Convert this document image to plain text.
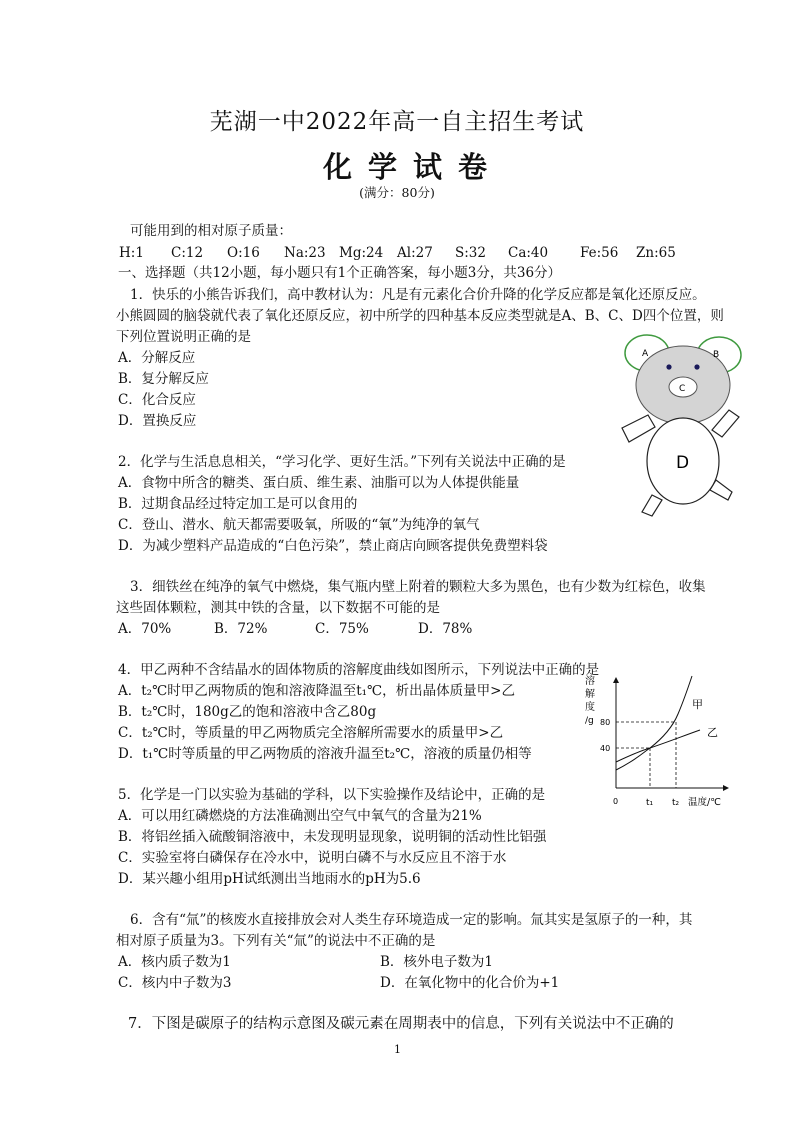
芜湖一中2022年高一自主招生考试
化学试卷
(满分：80分)
可能用到的相对原子质量：
H:1 C:12 O:16 Na:23 Mg:24 Al:27 S:32 Ca:40 Fe:56 Zn:65
一、选择题（共12小题，每小题只有1个正确答案，每小题3分，共36分）
1．快乐的小熊告诉我们，高中教材认为：凡是有元素化合价升降的化学反应都是氧化还原反应。
小熊圆圆的脑袋就代表了氧化还原反应，初中所学的四种基本反应类型就是A、B、C、D四个位置，则
下列位置说明正确的是
A．分解反应
B．复分解反应
C．化合反应
D．置换反应
A	B
C
D
2．化学与生活息息相关，“学习化学、更好生活。”下列有关说法中正确的是
A．食物中所含的糖类、蛋白质、维生素、油脂可以为人体提供能量
B．过期食品经过特定加工是可以食用的
C．登山、潜水、航天都需要吸氧，所吸的“氧”为纯净的氧气
D．为减少塑料产品造成的“白色污染”，禁止商店向顾客提供免费塑料袋
3．细铁丝在纯净的氧气中燃烧，集气瓶内壁上附着的颗粒大多为黑色，也有少数为红棕色，收集
这些固体颗粒，测其中铁的含量，以下数据不可能的是
A．70%	B．72%	C．75%	D．78%
4．甲乙两种不含结晶水的固体物质的溶解度曲线如图所示，下列说法中正确的是
A．t₂℃时甲乙两物质的饱和溶液降温至t₁℃，析出晶体质量甲>乙
B．t₂℃时，180g乙的饱和溶液中含乙80g
C．t₂℃时，等质量的甲乙两物质完全溶解所需要水的质量甲>乙
D．t₁℃时等质量的甲乙两物质的溶液升温至t₂℃，溶液的质量仍相等
溶
解
度
/g 80
40
0	t₁ t₂ 温度/℃
甲
乙
5．化学是一门以实验为基础的学科，以下实验操作及结论中，正确的是
A．可以用红磷燃烧的方法准确测出空气中氧气的含量为21%
B．将铝丝插入硫酸铜溶液中，未发现明显现象，说明铜的活动性比铝强
C．实验室将白磷保存在冷水中，说明白磷不与水反应且不溶于水
D．某兴趣小组用pH试纸测出当地雨水的pH为5.6
6．含有“氚”的核废水直接排放会对人类生存环境造成一定的影响。氚其实是氢原子的一种，其
相对原子质量为3。下列有关“氚”的说法中不正确的是
A．核内质子数为1	B．核外电子数为1
C．核内中子数为3	D．在氧化物中的化合价为+1
7．下图是碳原子的结构示意图及碳元素在周期表中的信息，下列有关说法中不正确的
1
